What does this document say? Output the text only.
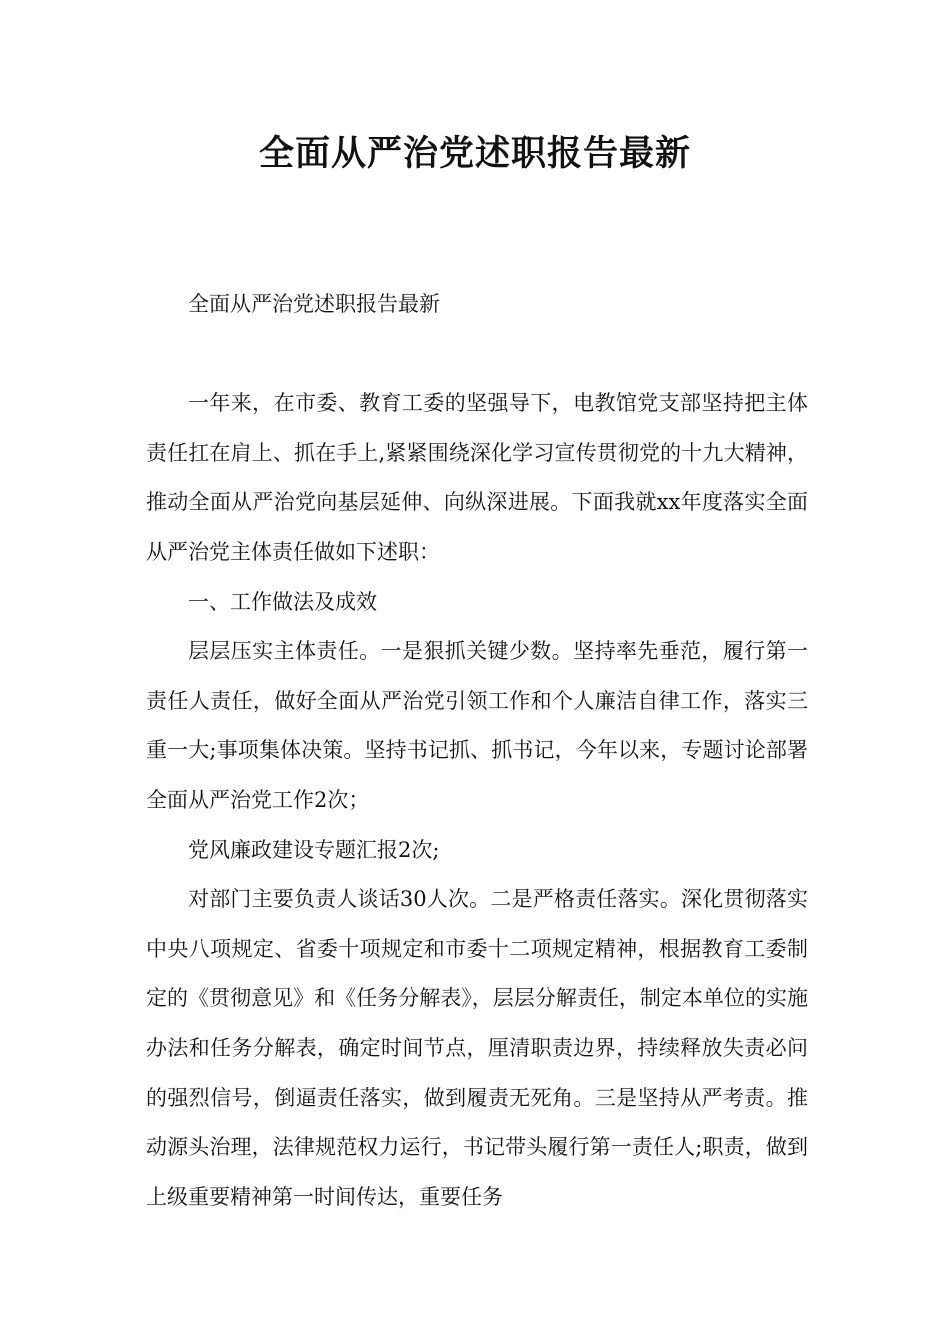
全面从严治党述职报告最新

全面从严治党述职报告最新

一年来，在市委、教育工委的坚强导下，电教馆党支部坚持把主体责任扛在肩上、抓在手上,紧紧围绕深化学习宣传贯彻党的十九大精神，推动全面从严治党向基层延伸、向纵深进展。下面我就xx年度落实全面从严治党主体责任做如下述职：

一、工作做法及成效

层层压实主体责任。一是狠抓关键少数。坚持率先垂范，履行第一责任人责任，做好全面从严治党引领工作和个人廉洁自律工作，落实三重一大;事项集体决策。坚持书记抓、抓书记，今年以来，专题讨论部署全面从严治党工作2次；

党风廉政建设专题汇报2次;

对部门主要负责人谈话30人次。二是严格责任落实。深化贯彻落实中央八项规定、省委十项规定和市委十二项规定精神，根据教育工委制定的《贯彻意见》和《任务分解表》，层层分解责任，制定本单位的实施办法和任务分解表，确定时间节点，厘清职责边界，持续释放失责必问的强烈信号，倒逼责任落实，做到履责无死角。三是坚持从严考责。推动源头治理，法律规范权力运行，书记带头履行第一责任人;职责，做到上级重要精神第一时间传达，重要任务
